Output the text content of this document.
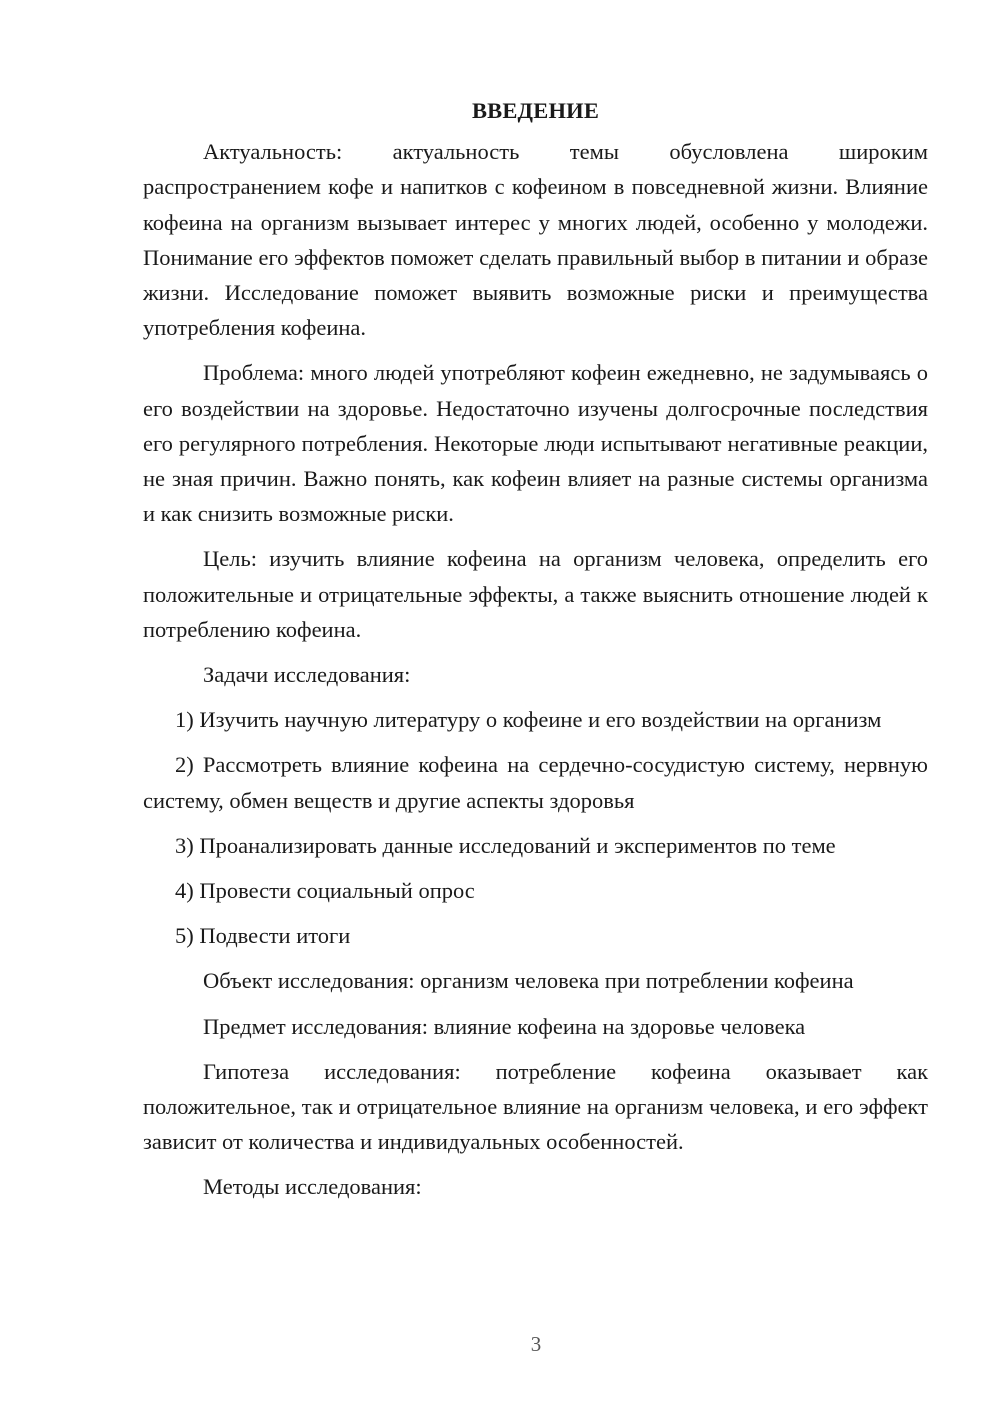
ВВЕДЕНИЕ

Актуальность: актуальность темы обусловлена широким распространением кофе и напитков с кофеином в повседневной жизни. Влияние кофеина на организм вызывает интерес у многих людей, особенно у молодежи. Понимание его эффектов поможет сделать правильный выбор в питании и образе жизни. Исследование поможет выявить возможные риски и преимущества употребления кофеина.

Проблема: много людей употребляют кофеин ежедневно, не задумываясь о его воздействии на здоровье. Недостаточно изучены долгосрочные последствия его регулярного потребления. Некоторые люди испытывают негативные реакции, не зная причин. Важно понять, как кофеин влияет на разные системы организма и как снизить возможные риски.

Цель: изучить влияние кофеина на организм человека, определить его положительные и отрицательные эффекты, а также выяснить отношение людей к потреблению кофеина.

Задачи исследования:

1) Изучить научную литературу о кофеине и его воздействии на организм

2) Рассмотреть влияние кофеина на сердечно-сосудистую систему, нервную систему, обмен веществ и другие аспекты здоровья

3) Проанализировать данные исследований и экспериментов по теме

4) Провести социальный опрос

5) Подвести итоги

Объект исследования: организм человека при потреблении кофеина

Предмет исследования: влияние кофеина на здоровье человека

Гипотеза исследования: потребление кофеина оказывает как положительное, так и отрицательное влияние на организм человека, и его эффект зависит от количества и индивидуальных особенностей.

Методы исследования:

3
